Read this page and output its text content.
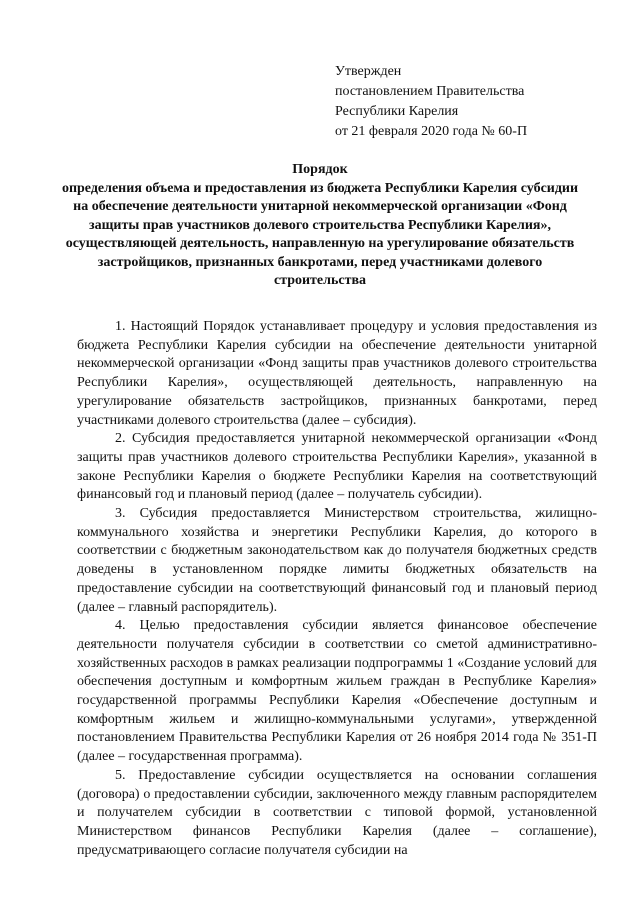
Утвержден
постановлением Правительства
Республики Карелия
от 21 февраля 2020 года № 60-П
Порядок
определения объема и предоставления из бюджета Республики Карелия субсидии на обеспечение деятельности унитарной некоммерческой организации «Фонд защиты прав участников долевого строительства Республики Карелия», осуществляющей деятельность, направленную на урегулирование обязательств застройщиков, признанных банкротами, перед участниками долевого строительства

1. Настоящий Порядок устанавливает процедуру и условия предоставления из бюджета Республики Карелия субсидии на обеспечение деятельности унитарной некоммерческой организации «Фонд защиты прав участников долевого строительства Республики Карелия», осуществляющей деятельность, направленную на урегулирование обязательств застройщиков, признанных банкротами, перед участниками долевого строительства (далее – субсидия).

2. Субсидия предоставляется унитарной некоммерческой организации «Фонд защиты прав участников долевого строительства Республики Карелия», указанной в законе Республики Карелия о бюджете Республики Карелия на соответствующий финансовый год и плановый период (далее – получатель субсидии).

3. Субсидия предоставляется Министерством строительства, жилищно-коммунального хозяйства и энергетики Республики Карелия, до которого в соответствии с бюджетным законодательством как до получателя бюджетных средств доведены в установленном порядке лимиты бюджетных обязательств на предоставление субсидии на соответствующий финансовый год и плановый период (далее – главный распорядитель).

4. Целью предоставления субсидии является финансовое обеспечение деятельности получателя субсидии в соответствии со сметой административно-хозяйственных расходов в рамках реализации подпрограммы 1 «Создание условий для обеспечения доступным и комфортным жильем граждан в Республике Карелия» государственной программы Республики Карелия «Обеспечение доступным и комфортным жильем и жилищно-коммунальными услугами», утвержденной постановлением Правительства Республики Карелия от 26 ноября 2014 года № 351-П (далее – государственная программа).

5. Предоставление субсидии осуществляется на основании соглашения (договора) о предоставлении субсидии, заключенного между главным распорядителем и получателем субсидии в соответствии с типовой формой, установленной Министерством финансов Республики Карелия (далее – соглашение), предусматривающего согласие получателя субсидии на
